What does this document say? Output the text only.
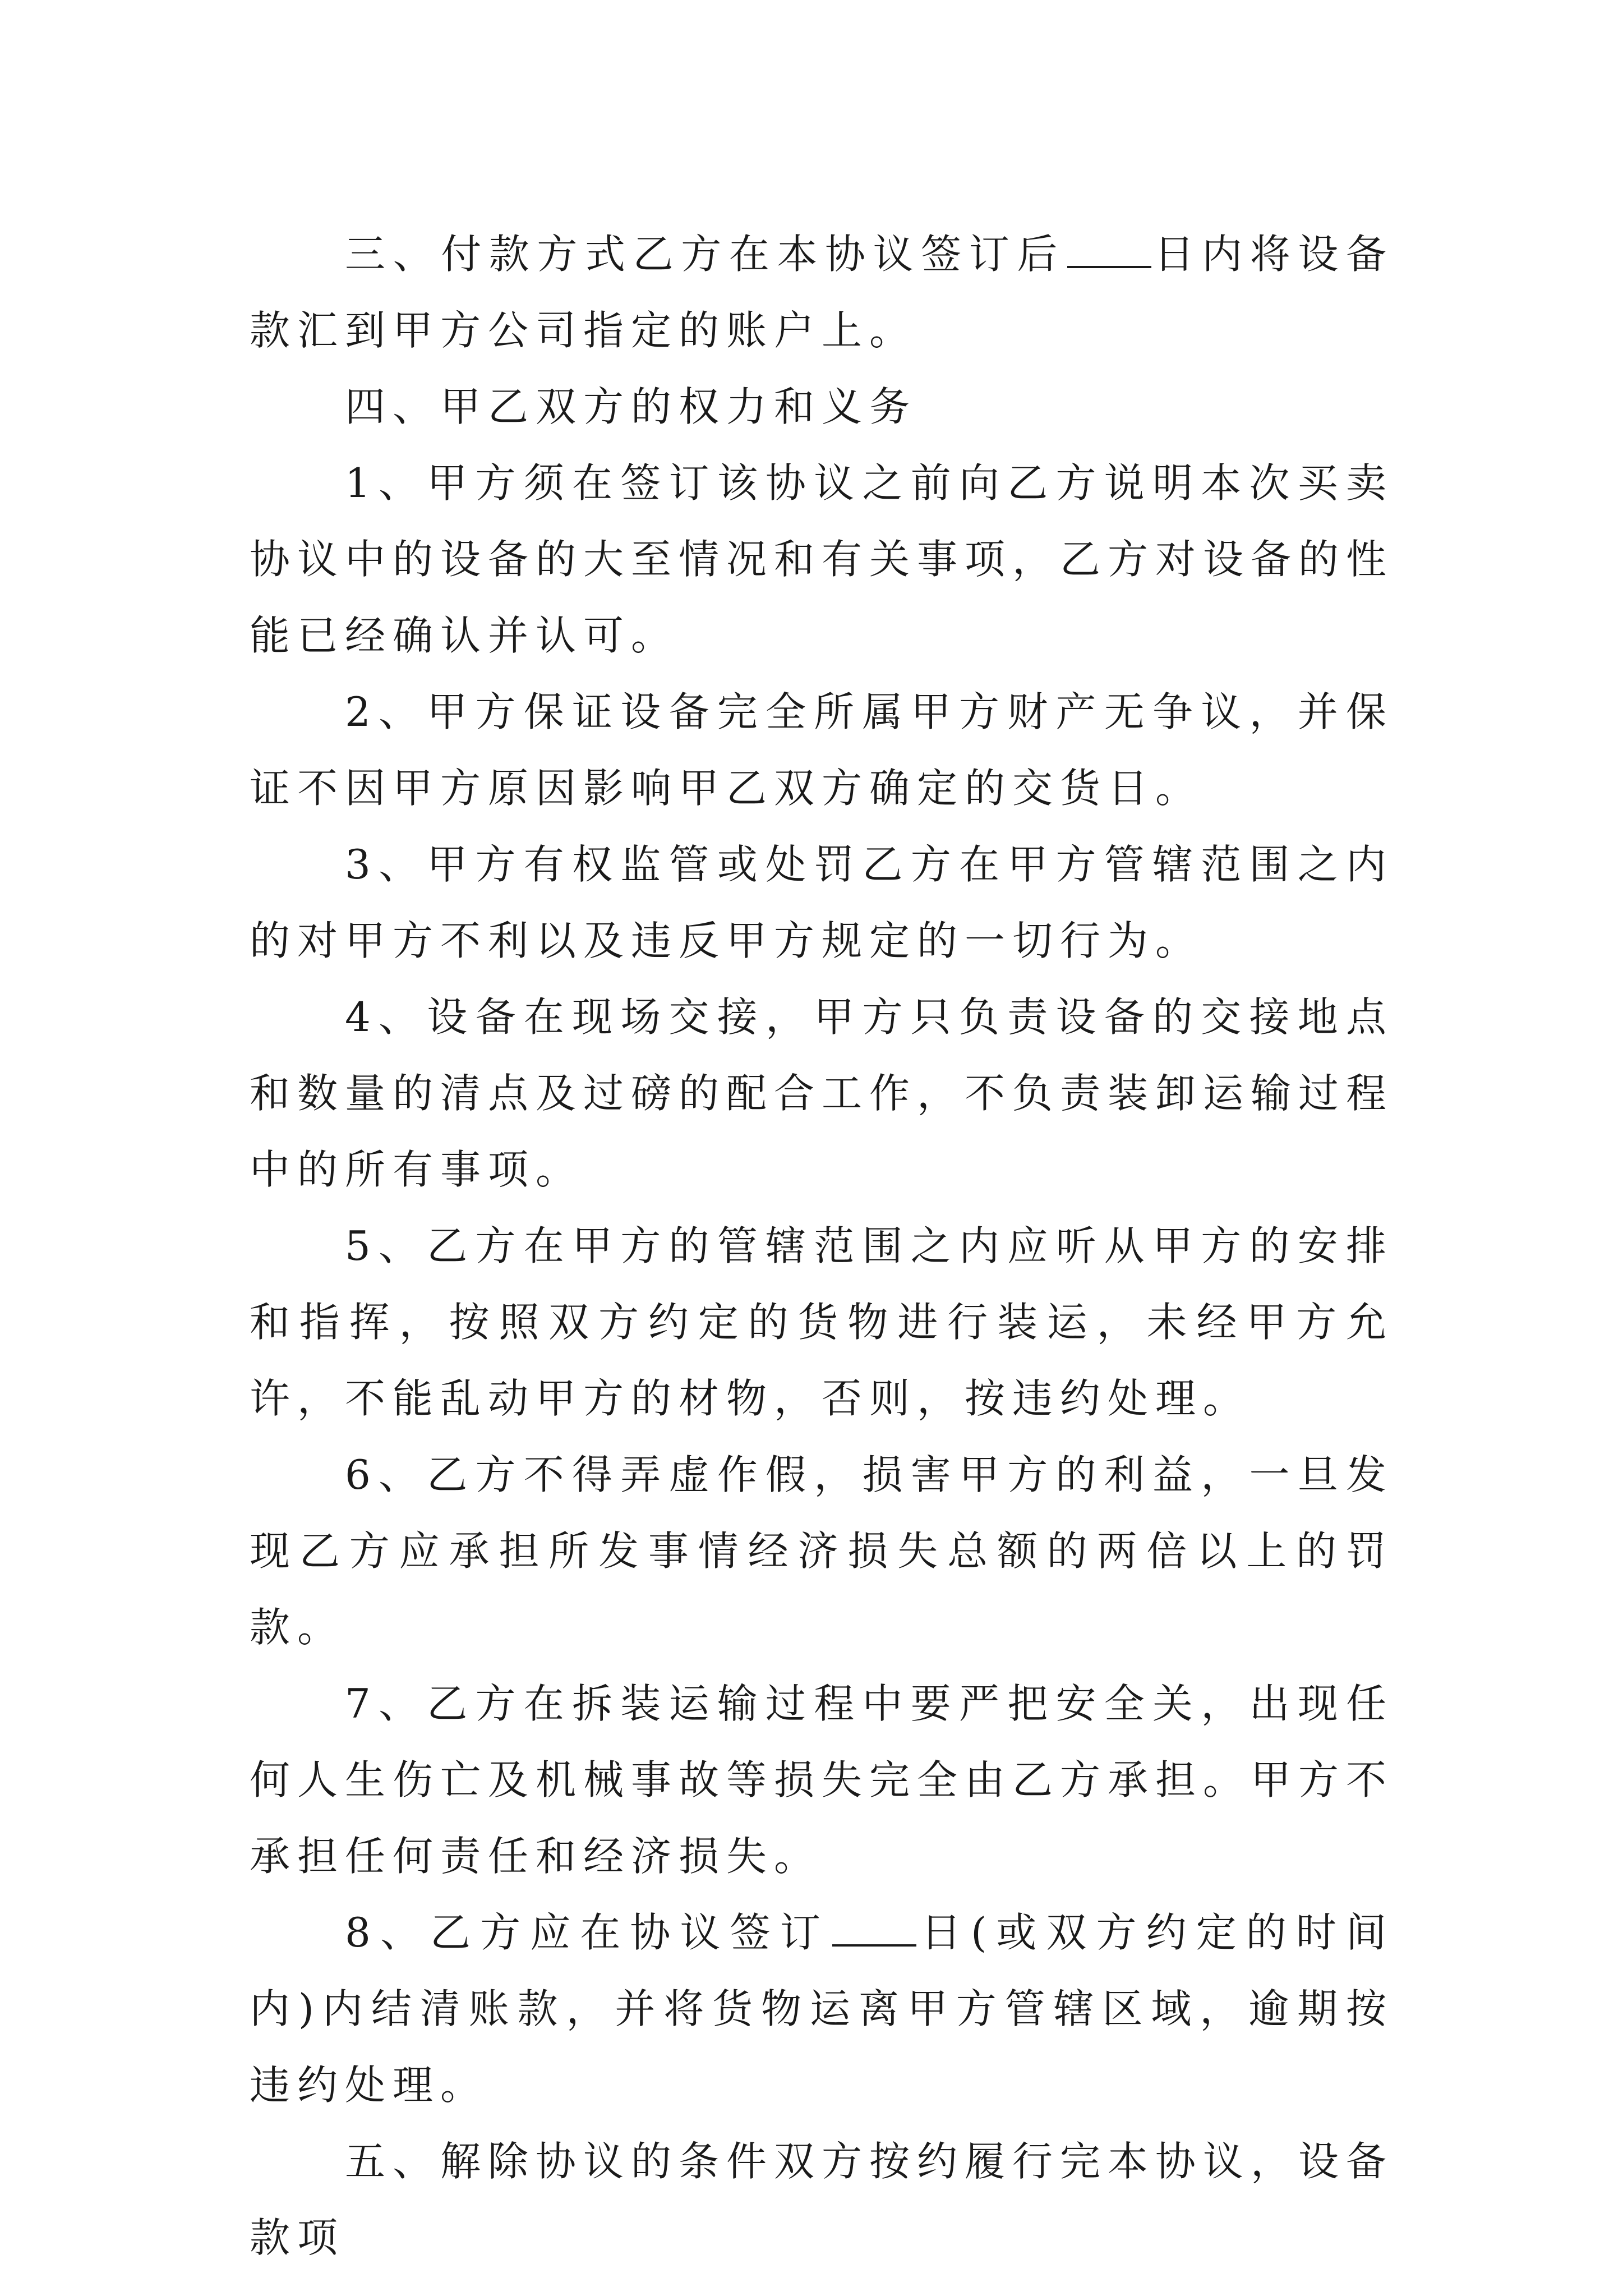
三、付款方式乙方在本协议签订后 日内将设备款汇到甲方公司指定的账户上。

四、甲乙双方的权力和义务

1、甲方须在签订该协议之前向乙方说明本次买卖协议中的设备的大至情况和有关事项，乙方对设备的性能已经确认并认可。

2、甲方保证设备完全所属甲方财产无争议，并保证不因甲方原因影响甲乙双方确定的交货日。

3、甲方有权监管或处罚乙方在甲方管辖范围之内的对甲方不利以及违反甲方规定的一切行为。

4、设备在现场交接，甲方只负责设备的交接地点和数量的清点及过磅的配合工作，不负责装卸运输过程中的所有事项。

5、乙方在甲方的管辖范围之内应听从甲方的安排和指挥，按照双方约定的货物进行装运，未经甲方允许，不能乱动甲方的材物，否则，按违约处理。

6、乙方不得弄虚作假，损害甲方的利益，一旦发现乙方应承担所发事情经济损失总额的两倍以上的罚款。

7、乙方在拆装运输过程中要严把安全关，出现任何人生伤亡及机械事故等损失完全由乙方承担。甲方不承担任何责任和经济损失。

8、乙方应在协议签订 日(或双方约定的时间内)内结清账款，并将货物运离甲方管辖区域，逾期按违约处理。

五、解除协议的条件双方按约履行完本协议，设备款项
